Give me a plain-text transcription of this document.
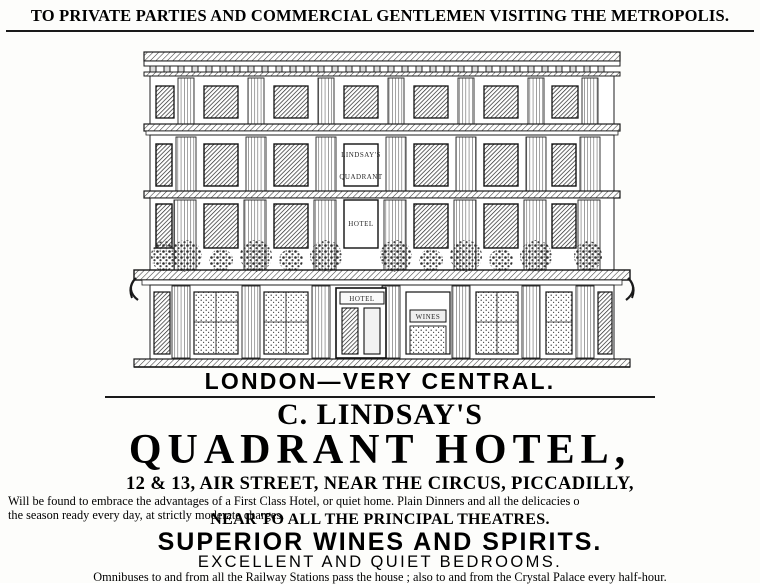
TO PRIVATE PARTIES AND COMMERCIAL GENTLEMEN VISITING THE METROPOLIS.
LINDSAY'S
QUADRANT
HOTEL
HOTEL
WINES
LONDON—VERY CENTRAL.
C. LINDSAY'S
QUADRANT HOTEL,
12 & 13, AIR STREET, NEAR THE CIRCUS, PICCADILLY,
Will be found to embrace the advantages of a First Class Hotel, or quiet home. Plain Dinners and all the delicacies o
the season ready every day, at strictly moderate charges.
NEAR TO ALL THE PRINCIPAL THEATRES.
SUPERIOR WINES AND SPIRITS.
EXCELLENT AND QUIET BEDROOMS.
Omnibuses to and from all the Railway Stations pass the house ; also to and from the Crystal Palace every half-hour.
